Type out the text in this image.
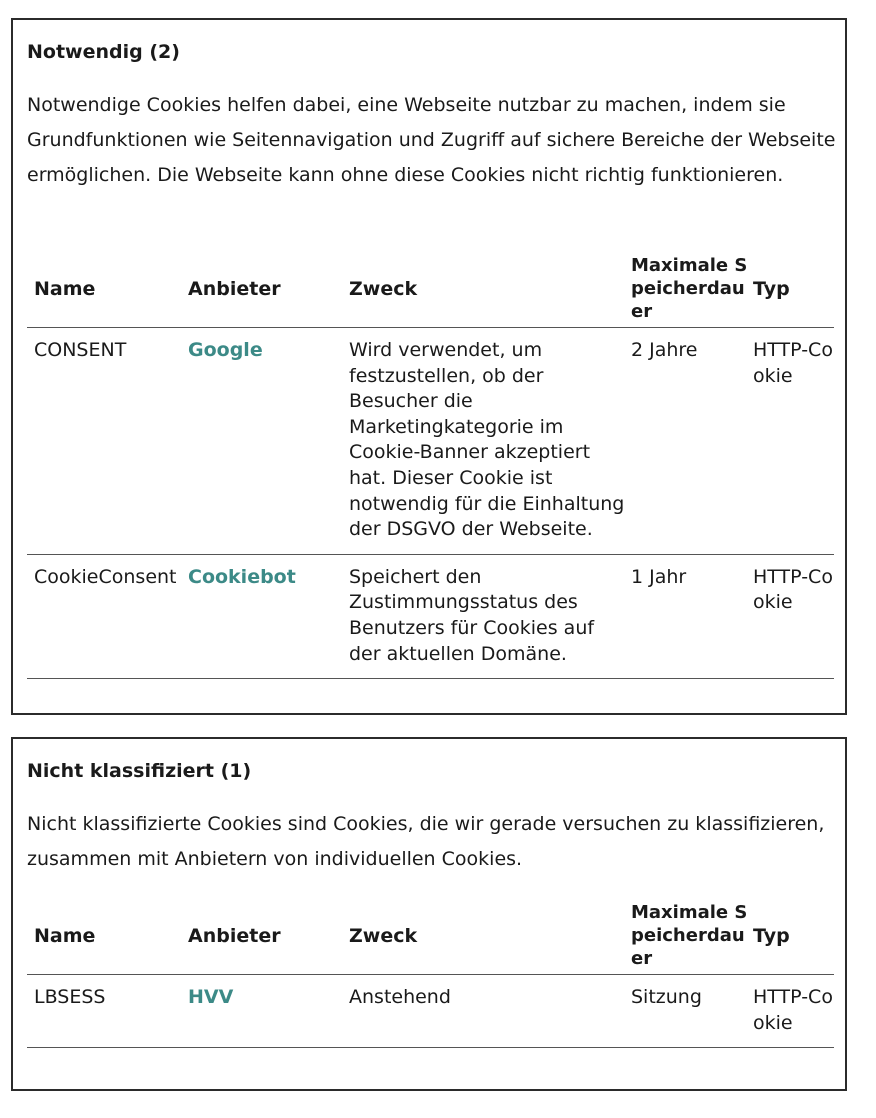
Notwendig (2)

Notwendige Cookies helfen dabei, eine Webseite nutzbar zu machen, indem sie Grundfunktionen wie Seitennavigation und Zugriff auf sichere Bereiche der Webseite ermöglichen. Die Webseite kann ohne diese Cookies nicht richtig funktionieren.

Name	Anbieter	Zweck	Maximale Speicherdauer	Typ
CONSENT	Google	Wird verwendet, um festzustellen, ob der Besucher die Marketingkategorie im Cookie-Banner akzeptiert hat. Dieser Cookie ist notwendig für die Einhaltung der DSGVO der Webseite.	2 Jahre	HTTP-Cookie
CookieConsent	Cookiebot	Speichert den Zustimmungsstatus des Benutzers für Cookies auf der aktuellen Domäne.	1 Jahr	HTTP-Cookie
Nicht klassifiziert (1)

Nicht klassifizierte Cookies sind Cookies, die wir gerade versuchen zu klassifizieren, zusammen mit Anbietern von individuellen Cookies.

Name	Anbieter	Zweck	Maximale Speicherdauer	Typ
LBSESS	HVV	Anstehend	Sitzung	HTTP-Cookie
